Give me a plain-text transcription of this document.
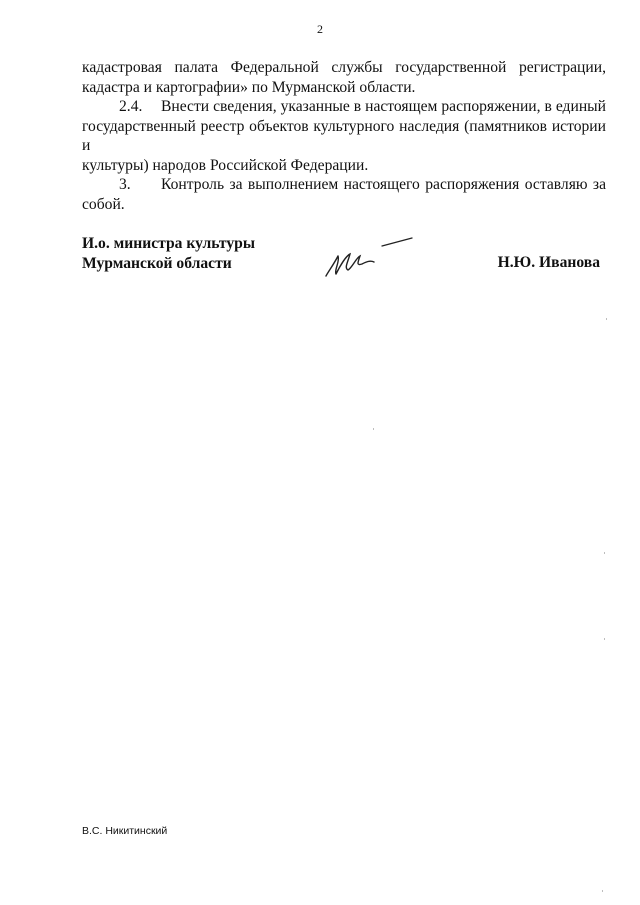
2

кадастровая палата Федеральной службы государственной регистрации,
кадастра и картографии» по Мурманской области.

2.4. Внести сведения, указанные в настоящем распоряжении, в единый
государственный реестр объектов культурного наследия (памятников истории и
культуры) народов Российской Федерации.

3. Контроль за выполнением настоящего распоряжения оставляю за
собой.

И.о. министра культуры
Мурманской области	Н.Ю. Иванова
В.С. Никитинский
